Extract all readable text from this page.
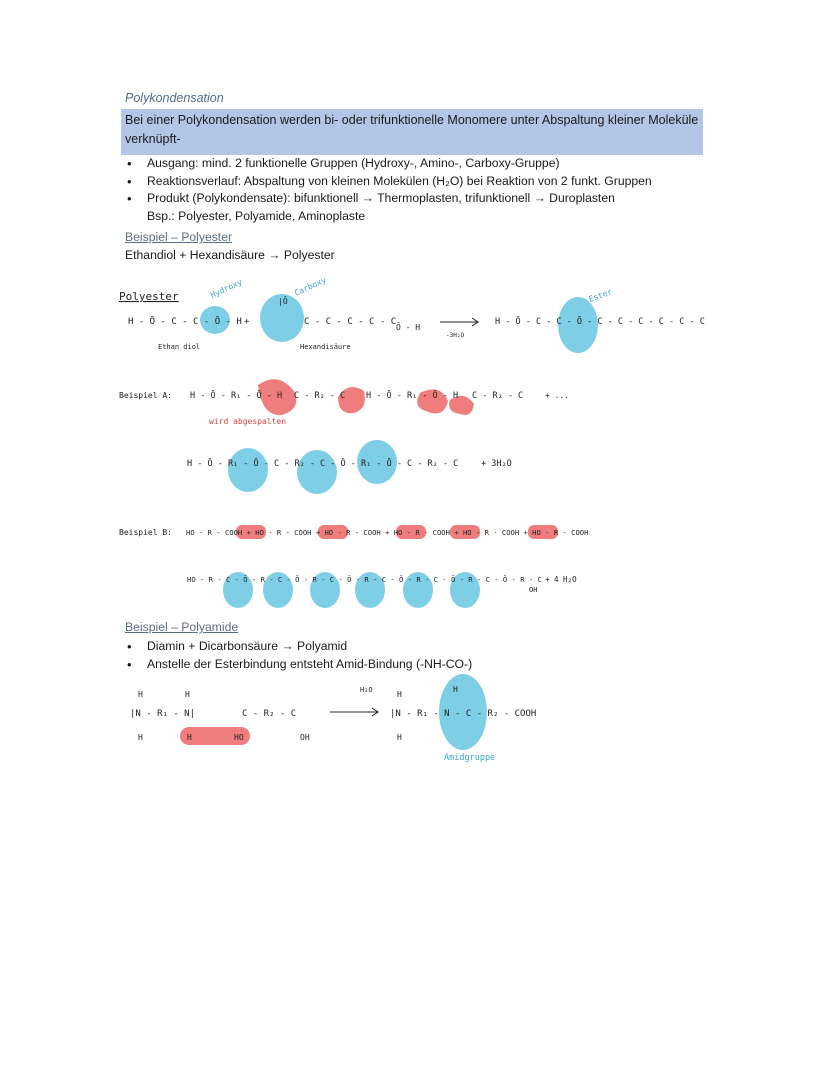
Polykondensation
Bei einer Polykondensation werden bi- oder trifunktionelle Monomere unter Abspaltung kleiner Moleküle verknüpft-
• Ausgang: mind. 2 funktionelle Gruppen (Hydroxy-, Amino-, Carboxy-Gruppe)
• Reaktionsverlauf: Abspaltung von kleinen Molekülen (H₂O) bei Reaktion von 2 funkt. Gruppen
• Produkt (Polykondensate): bifunktionell → Thermoplasten, trifunktionell → Duroplasten
Bsp.: Polyester, Polyamide, Aminoplaste
Beispiel – Polyester
Ethandiol + Hexandisäure → Polyester
Polyester	Hydroxy
H - Ō - C - C - Ō - H
Ethan diol
+
Carboxy
|Ō
C - C - C - C - C
Ō - H
Hexandisäure
-3H₂O
Ester
H - Ō - C - C - Ō - C - C - C - C - C - C
Beispiel A: H - Ō - R₁ - Ō - H C - R₂ - C H - Ō - R₁ - Ō - H C - R₂ - C	+ ...
wird abgespalten
H - Ō - R₁ - Ō - C - R₂ - C - Ō - R₁ - Ō - C - R₂ - C	+ 3H₂O
Beispiel B: HO - R - COOH + HO - R - COOH + HO - R - COOH + HO - R - COOH + HO - R - COOH + HO - R - COOH
HO - R - C - Ō - R - C - Ō - R - C - Ō - R - C - Ō - R - C - Ō - R - C - Ō - R - C
OH
+ 4 H₂O
H	H
|N - R₁ - N|
H	H	HO
C - R₂ - C
OH
H₂O	H
H
|N - R₁ - N - C - R₂ - COOH
H
Amidgruppe
Beispiel – Polyamide
• Diamin + Dicarbonsäure → Polyamid
• Anstelle der Esterbindung entsteht Amid-Bindung (-NH-CO-)
